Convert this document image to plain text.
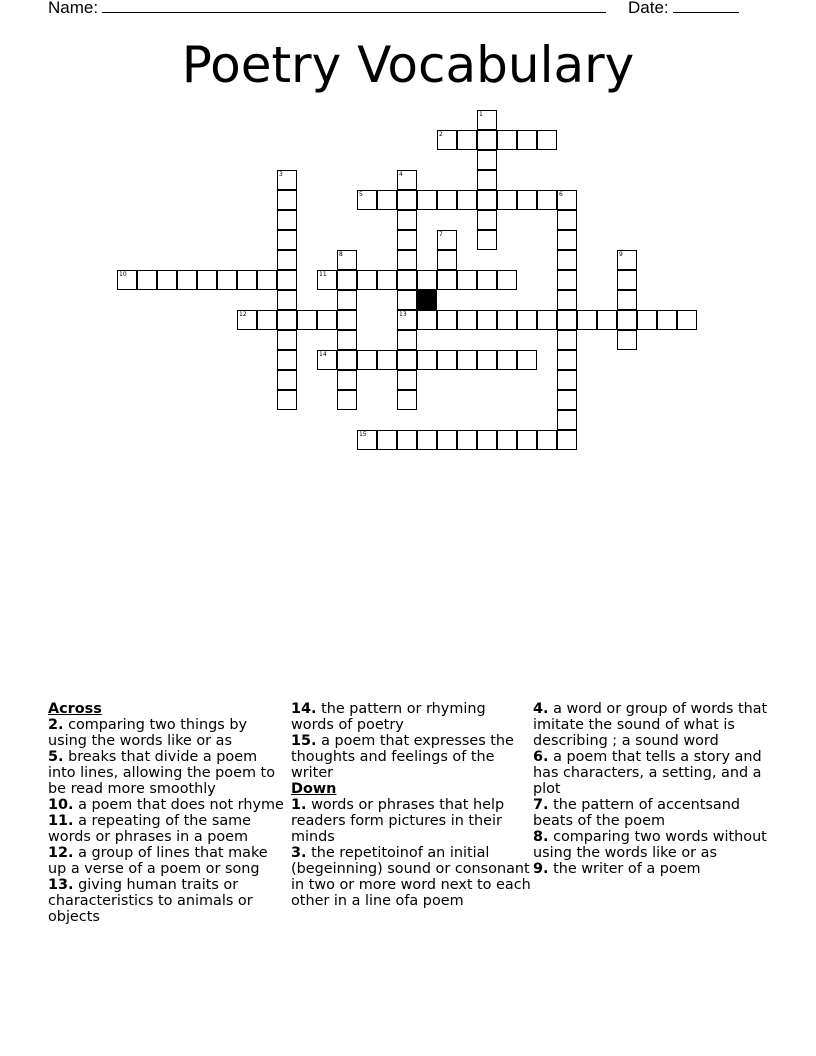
Name:	Date:
Poetry Vocabulary
1
2
3	4
13
5	6
7
8	9
10	11
12
14
15

Across

2. comparing two things by using the words like or as

5. breaks that divide a poem into lines, allowing the poem to be read more smoothly

10. a poem that does not rhyme

11. a repeating of the same words or phrases in a poem

12. a group of lines that make up a verse of a poem or song

13. giving human traits or characteristics to animals or objects

14. the pattern or rhyming words of poetry

15. a poem that expresses the thoughts and feelings of the writer

Down

1. words or phrases that help readers form pictures in their minds

3. the repetitoinof an initial (begeinning) sound or consonant in two or more word next to each other in a line ofa poem

4. a word or group of words that imitate the sound of what is describing ; a sound word

6. a poem that tells a story and has characters, a setting, and a plot

7. the pattern of accentsand beats of the poem

8. comparing two words without using the words like or as

9. the writer of a poem
